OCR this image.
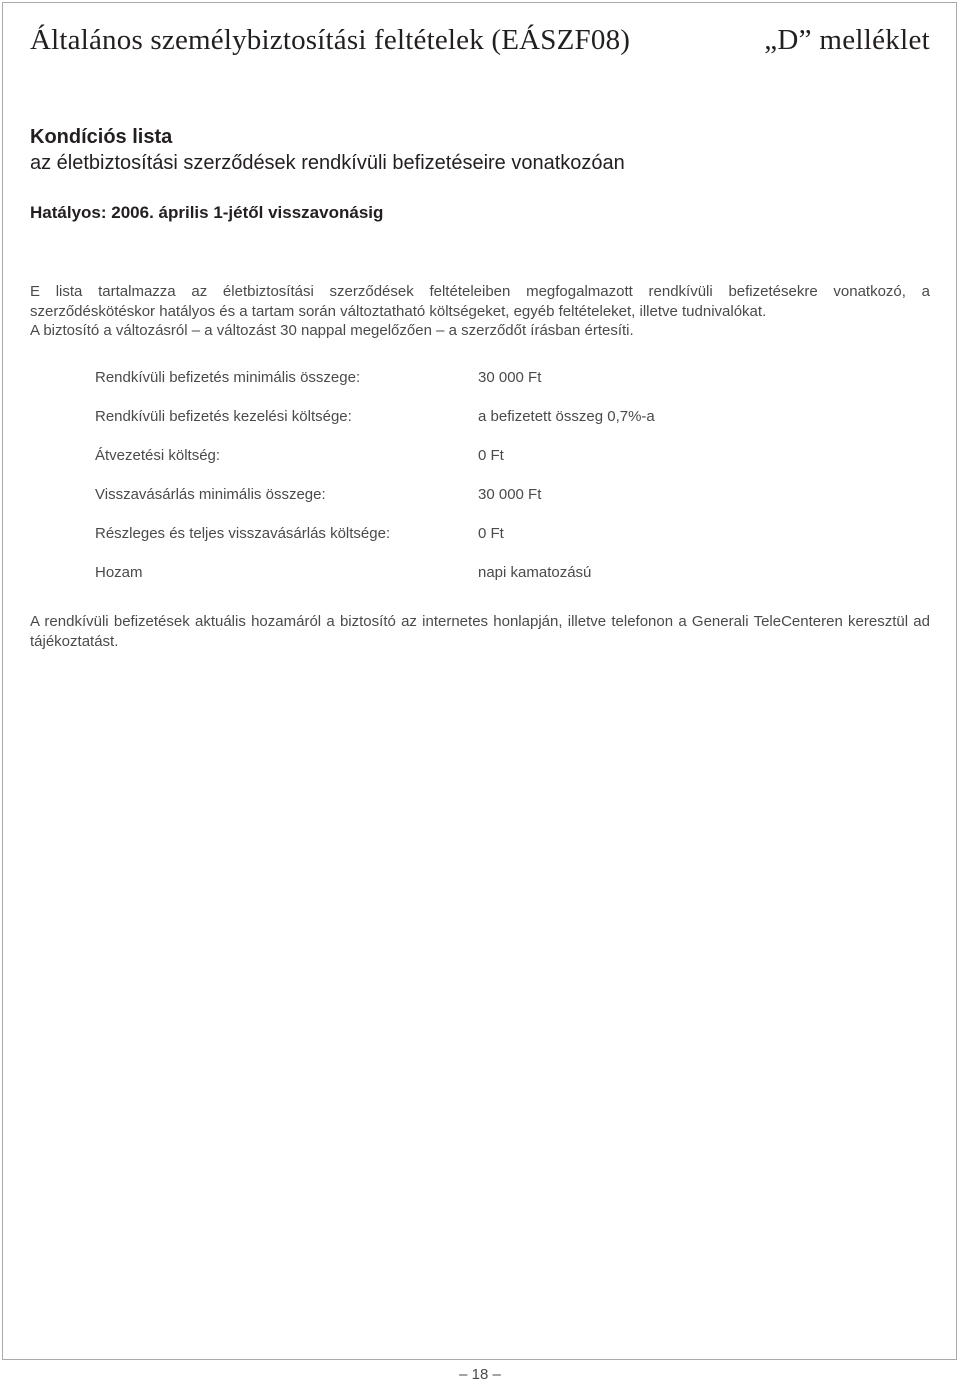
Általános személybiztosítási feltételek (EÁSZF08)	„D” melléklet
Kondíciós lista
az életbiztosítási szerződések rendkívüli befizetéseire vonatkozóan
Hatályos: 2006. április 1-jétől visszavonásig

E lista tartalmazza az életbiztosítási szerződések feltételeiben megfogalmazott rendkívüli befizetésekre vonatkozó, a szerződéskötéskor hatályos és a tartam során változtatható költségeket, egyéb feltételeket, illetve tudnivalókat.

A biztosító a változásról – a változást 30 nappal megelőzően – a szerződőt írásban értesíti.

Rendkívüli befizetés minimális összege:	30 000 Ft
Rendkívüli befizetés kezelési költsége:	a befizetett összeg 0,7%-a
Átvezetési költség:	0 Ft
Visszavásárlás minimális összege:	30 000 Ft
Részleges és teljes visszavásárlás költsége:	0 Ft
Hozam	napi kamatozású
A rendkívüli befizetések aktuális hozamáról a biztosító az internetes honlapján, illetve telefonon a Generali TeleCenteren keresztül ad tájékoztatást.
– 18 –
